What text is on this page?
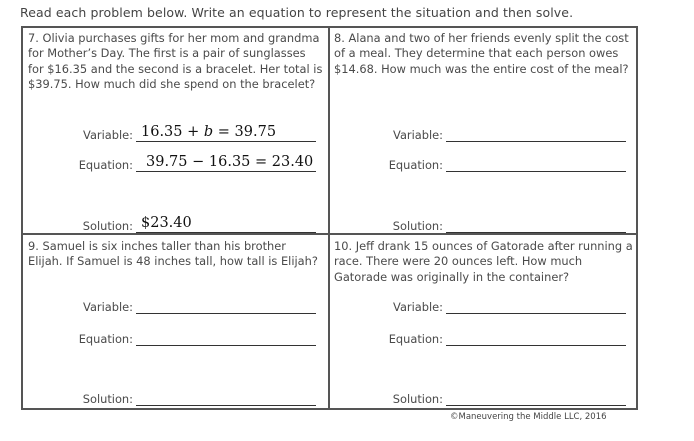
Read each problem below. Write an equation to represent the situation and then solve.

7. Olivia purchases gifts for her mom and grandma for Mother’s Day. The first is a pair of sunglasses for $16.35 and the second is a bracelet. Her total is $39.75. How much did she spend on the bracelet?

Variable: 16.35 + b = 39.75
Equation: 39.75 − 16.35 = 23.40
Solution: $23.40

8. Alana and two of her friends evenly split the cost of a meal. They determine that each person owes $14.68. How much was the entire cost of the meal?

Variable:
Equation:
Solution:

9. Samuel is six inches taller than his brother Elijah. If Samuel is 48 inches tall, how tall is Elijah?

Variable:
Equation:
Solution:

10. Jeff drank 15 ounces of Gatorade after running a race. There were 20 ounces left. How much Gatorade was originally in the container?

Variable:
Equation:
Solution:
©Maneuvering the Middle LLC, 2016
